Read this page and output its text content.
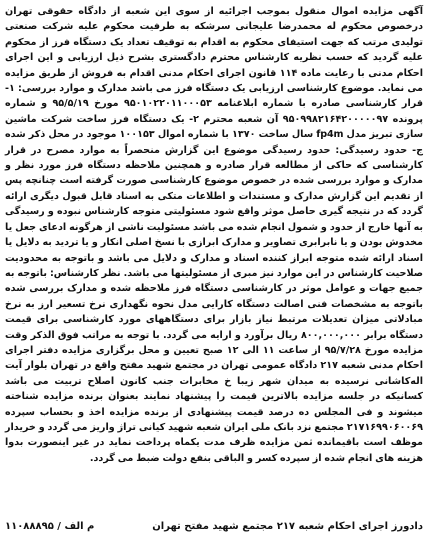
آگهی مزایده اموال منقول بموجب اجرائیه از سوی این شعبه از دادگاه حقوقی تهران درخصوص محکوم له محمدرضا علیجانی سرشکه به طرفیت محکوم علیه شرکت صنعتی تولیدی مرتب که جهت استیفای محکوم به اقدام به توقیف تعداد یک دستگاه فرز از محکوم علیه گردید که حسب نظریه کارشناس محترم دادگستری بشرح ذیل ارزیابی و این اجرای احکام مدنی با رعایت ماده ۱۱۴ قانون اجرای احکام مدنی اقدام به فروش از طریق مزایده می نماید. موضوع کارشناسی ارزیابی یک دستگاه فرز می باشد مدارک و موارد بررسی: ۱-قرار کارشناسی صادره با شماره ابلاغنامه ۹۵۰۱۰۲۲۰۱۱۰۰۰۵۳ مورخ ۹۵/۵/۱۹ و شماره پرونده ۹۵۰۹۹۸۲۱۶۴۲۰۰۰۰۰۹۷ آن شعبه محترم ۲- یک دستگاه فرز ساخت شرکت ماشین سازی تبریز مدل fp4m سال ساخت ۱۳۷۰ با شماره اموال ۱۰۰۱۵۳ موجود در محل ذکر شده ج- حدود رسیدگی: حدود رسیدگی موضوع این گزارش منحصراً به موارد مصرح در قرار کارشناسی که حاکی از مطالعه قرار صادره و همچنین ملاحظه دستگاه فرز مورد نظر و مدارک و موارد بررسی شده در خصوص موضوع کارشناسی صورت گرفته است چنانچه پس از تقدیم این گزارش مدارک و مستندات و اطلاعات متکی به اسناد قابل قبول دیگری ارائه گردد که در نتیجه گیری حاصل موثر واقع شود مسئولیتی متوجه کارشناس نبوده و رسیدگی به آنها خارج از حدود و شمول انجام شده می باشد مسئولیت ناشی از هرگونه ادعای جعل یا مخدوش بودن و یا نابرابری تصاویر و مدارک ابرازی با نسخ اصلی انکار و یا تردید به دلایل یا اسناد ارائه شده متوجه ابراز کننده اسناد و مدارک و دلایل می باشد و باتوجه به محدودیت صلاحیت کارشناس در این موارد نیز مبری از مسئولیتها می باشد. نظر کارشناس: باتوجه به جمیع جهات و عوامل موثر در کارشناسی دستگاه فرز ملاحظه شده و مدارک بررسی شده باتوجه به مشخصات فنی اصالت دستگاه کارایی مدل نحوه نگهداری نرخ تسعیر ارز به نرخ مبادلاتی میزان تعدیلات مرتبط نیاز بازار برای دستگاههای مورد کارشناسی برای قیمت دستگاه برابر ۸۰۰,۰۰۰,۰۰۰ ریال برآورد و ارایه می گردد. با توجه به مراتب فوق الذکر وقت مزایده مورخ ۹۵/۷/۲۸ از ساعت ۱۱ الی ۱۲ صبح تعیین و محل برگزاری مزایده دفتر اجرای احکام مدنی شعبه ۲۱۷ دادگاه عمومی تهران در مجتمع شهید مفتح واقع در تهران بلوار آیت اله‌کاشانی نرسیده به میدان شهر زیبا خ مخابرات جنب کانون اصلاح تربیت می باشد کسانیکه در جلسه مزایده بالاترین قیمت را پیشنهاد نمایند بعنوان برنده مزایده شناخته میشوند و فی المجلس ده درصد قیمت پیشنهادی از برنده مزایده اخذ و بحساب سپرده ۲۱۷۱۶۹۹۰۶۰۰۶۹ مجتمع نزد بانک ملی ایران شعبه شهید کیانی تراژ واریز می گردد و خریدار موظف است باقیمانده ثمن مزایده ظرف مدت یکماه پرداخت نماید در غیر اینصورت بدوا هزینه های انجام شده از سپرده کسر و الباقی بنفع دولت ضبط می گردد.

۱۱۰۸۸۸۹۵ / م الف	دادورز اجرای احکام شعبه ۲۱۷ مجتمع شهید مفتح تهران
